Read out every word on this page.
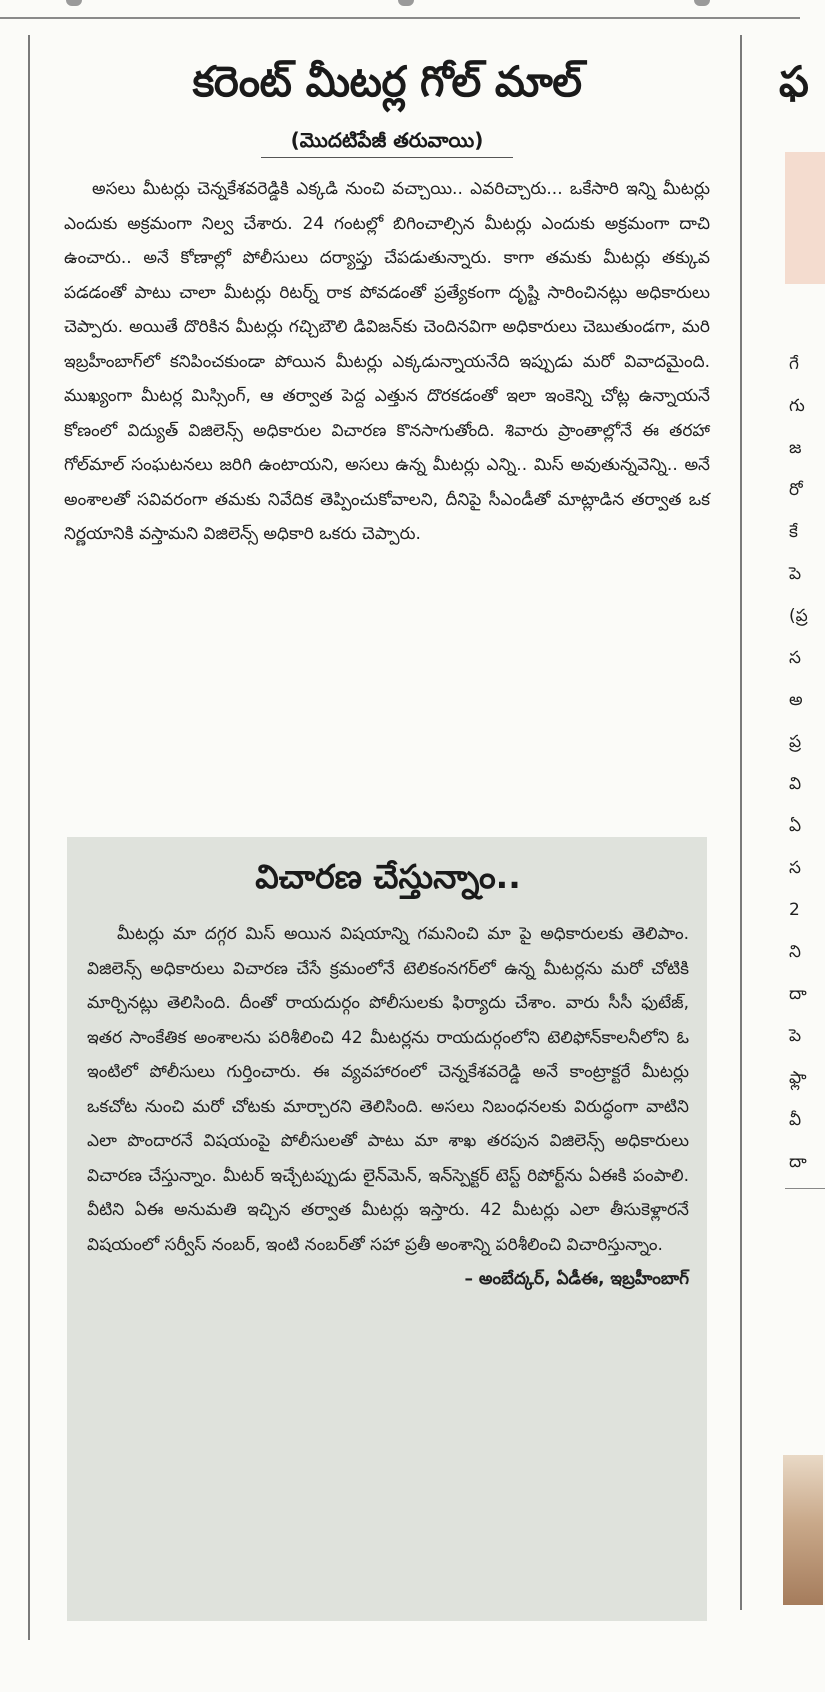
కరెంట్ మీటర్ల గోల్ మాల్
(మొదటిపేజీ తరువాయి)

అసలు మీటర్లు చెన్నకేశవరెడ్డికి ఎక్కడి నుంచి వచ్చాయి.. ఎవరిచ్చారు... ఒకేసారి ఇన్ని మీటర్లు ఎందుకు అక్రమంగా నిల్వ చేశారు. 24 గంటల్లో బిగించాల్సిన మీటర్లు ఎందుకు అక్రమంగా దాచి ఉంచారు.. అనే కోణాల్లో పోలీసులు దర్యాప్తు చేపడుతున్నారు. కాగా తమకు మీటర్లు తక్కువ పడడంతో పాటు చాలా మీటర్లు రిటర్న్ రాక పోవడంతో ప్రత్యేకంగా దృష్టి సారించినట్లు అధికారులు చెప్పారు. అయితే దొరికిన మీటర్లు గచ్చిబౌలి డివిజన్‌కు చెందినవిగా అధికారులు చెబుతుండగా, మరి ఇబ్రహీంబాగ్‌లో కనిపించకుండా పోయిన మీటర్లు ఎక్కడున్నాయనేది ఇప్పుడు మరో వివాదమైంది. ముఖ్యంగా మీటర్ల మిస్సింగ్, ఆ తర్వాత పెద్ద ఎత్తున దొరకడంతో ఇలా ఇంకెన్ని చోట్ల ఉన్నాయనే కోణంలో విద్యుత్ విజిలెన్స్ అధికారుల విచారణ కొనసాగుతోంది. శివారు ప్రాంతాల్లోనే ఈ తరహా గోల్‌మాల్ సంఘటనలు జరిగి ఉంటాయని, అసలు ఉన్న మీటర్లు ఎన్ని.. మిస్ అవుతున్నవెన్ని.. అనే అంశాలతో సవివరంగా తమకు నివేదిక తెప్పించుకోవాలని, దీనిపై సీఎండీతో మాట్లాడిన తర్వాత ఒక నిర్ణయానికి వస్తామని విజిలెన్స్ అధికారి ఒకరు చెప్పారు.

విచారణ చేస్తున్నాం..

మీటర్లు మా దగ్గర మిస్ అయిన విషయాన్ని గమనించి మా పై అధికారులకు తెలిపాం. విజిలెన్స్ అధికారులు విచారణ చేసే క్రమంలోనే టెలికంనగర్‌లో ఉన్న మీటర్లను మరో చోటికి మార్చినట్లు తెలిసింది. దీంతో రాయదుర్గం పోలీసులకు ఫిర్యాదు చేశాం. వారు సీసీ ఫుటేజ్, ఇతర సాంకేతిక అంశాలను పరిశీలించి 42 మీటర్లను రాయదుర్గంలోని టెలిఫోన్‌కాలనీలోని ఓ ఇంటిలో పోలీసులు గుర్తించారు. ఈ వ్యవహారంలో చెన్నకేశవరెడ్డి అనే కాంట్రాక్టరే మీటర్లు ఒకచోట నుంచి మరో చోటకు మార్చారని తెలిసింది. అసలు నిబంధనలకు విరుద్ధంగా వాటిని ఎలా పొందారనే విషయంపై పోలీసులతో పాటు మా శాఖ తరపున విజిలెన్స్ అధికారులు విచారణ చేస్తున్నాం. మీటర్ ఇచ్చేటప్పుడు లైన్‌మెన్, ఇన్‌స్పెక్టర్ టెస్ట్ రిపోర్ట్‌ను ఏఈకి పంపాలి. వీటిని ఏఈ అనుమతి ఇచ్చిన తర్వాత మీటర్లు ఇస్తారు. 42 మీటర్లు ఎలా తీసుకెళ్లారనే విషయంలో సర్వీస్ నంబర్, ఇంటి నంబర్‌తో సహా ప్రతీ అంశాన్ని పరిశీలించి విచారిస్తున్నాం.
– అంబేద్కర్, ఏడీఈ, ఇబ్రహీంబాగ్

ఫ
గే
గు
జ
రో
కే
పె
(ప్ర
స
అ
ప్ర
వి
ఏ
స
2
ని
దా
పె
ఫ్లా
వీ
దా
